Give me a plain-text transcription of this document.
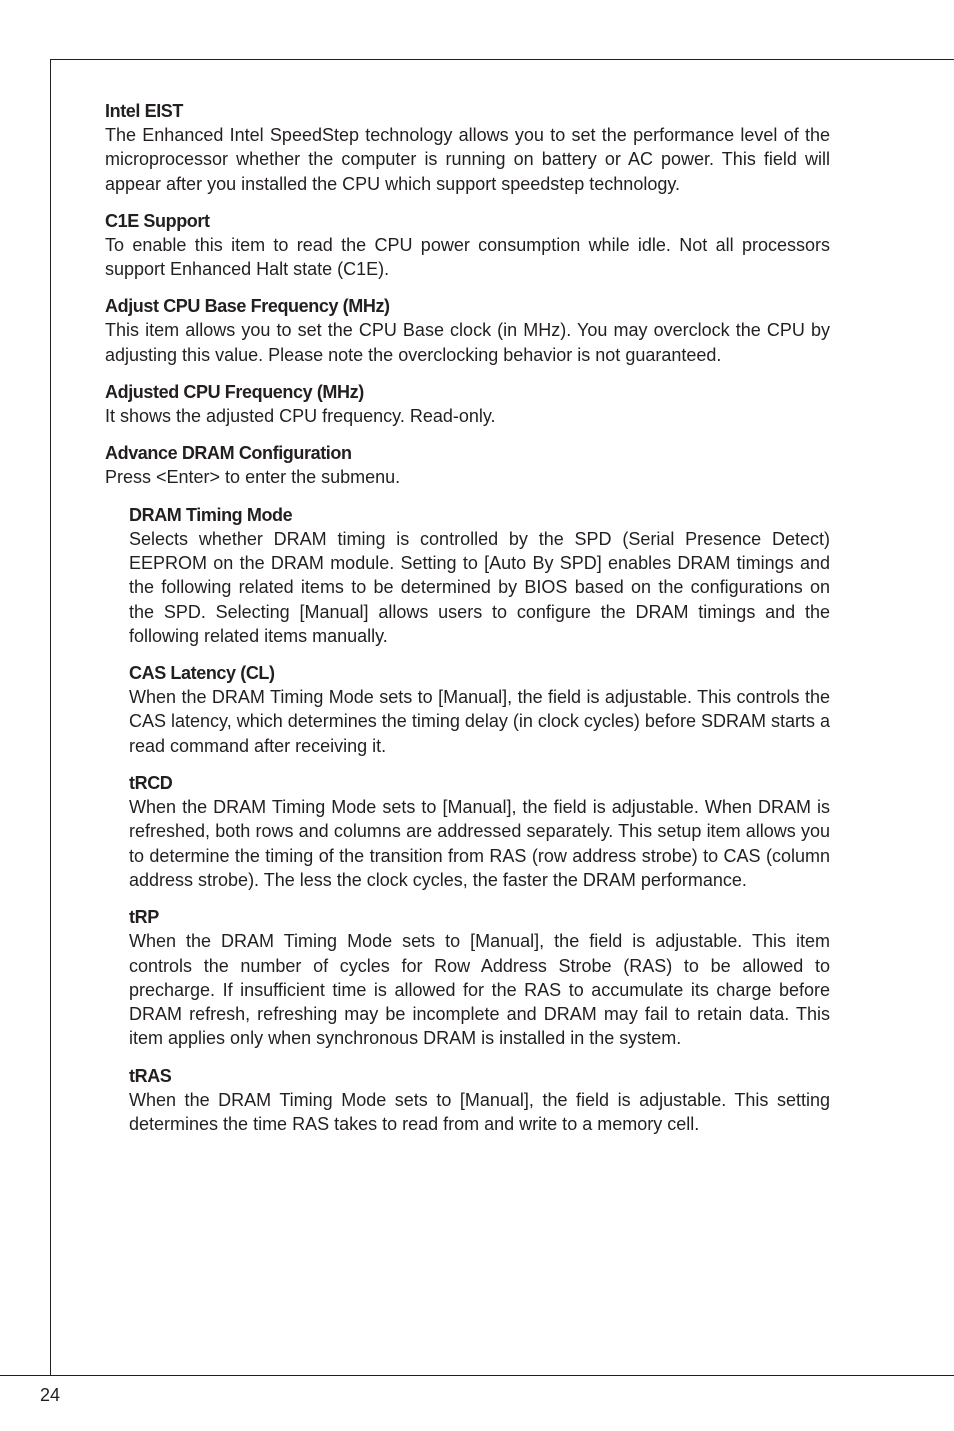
Intel EIST

The Enhanced Intel SpeedStep technology allows you to set the performance level of the microprocessor whether the computer is running on battery or AC power. This field will appear after you installed the CPU which support speedstep technology.

C1E Support

To enable this item to read the CPU power consumption while idle. Not all processors support Enhanced Halt state (C1E).

Adjust CPU Base Frequency (MHz)

This item allows you to set the CPU Base clock (in MHz). You may overclock the CPU by adjusting this value. Please note the overclocking behavior is not guaranteed.

Adjusted CPU Frequency (MHz)

It shows the adjusted CPU frequency. Read-only.

Advance DRAM Configuration

Press <Enter> to enter the submenu.

DRAM Timing Mode

Selects whether DRAM timing is controlled by the SPD (Serial Presence Detect) EEPROM on the DRAM module. Setting to [Auto By SPD] enables DRAM timings and the following related items to be determined by BIOS based on the configurations on the SPD. Selecting [Manual] allows users to configure the DRAM timings and the following related items manually.

CAS Latency (CL)

When the DRAM Timing Mode sets to [Manual], the field is adjustable. This controls the CAS latency, which determines the timing delay (in clock cycles) before SDRAM starts a read command after receiving it.

tRCD

When the DRAM Timing Mode sets to [Manual], the field is adjustable. When DRAM is refreshed, both rows and columns are addressed separately. This setup item allows you to determine the timing of the transition from RAS (row address strobe) to CAS (column address strobe). The less the clock cycles, the faster the DRAM performance.

tRP

When the DRAM Timing Mode sets to [Manual], the field is adjustable. This item controls the number of cycles for Row Address Strobe (RAS) to be allowed to precharge. If insufficient time is allowed for the RAS to accumulate its charge before DRAM refresh, refreshing may be incomplete and DRAM may fail to retain data. This item applies only when synchronous DRAM is installed in the system.

tRAS

When the DRAM Timing Mode sets to [Manual], the field is adjustable. This setting determines the time RAS takes to read from and write to a memory cell.

24
